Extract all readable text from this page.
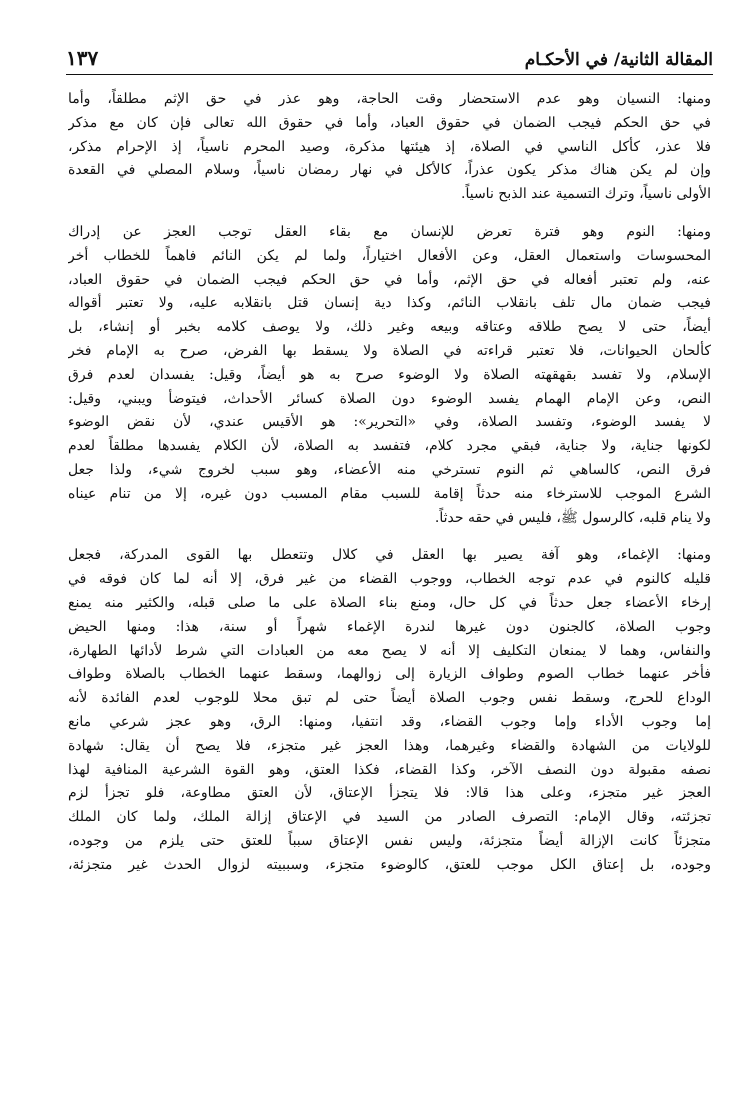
١٣٧	المقالة الثانية/ في الأحكـام
ومنها: النسيان وهو عدم الاستحضار وقت الحاجة، وهو عذر في حق الإثم مطلقاً، وأما
في حق الحكم فيجب الضمان في حقوق العباد، وأما في حقوق الله تعالى فإن كان مع مذكر
فلا عذر، كأكل الناسي في الصلاة، إذ هيئتها مذكرة، وصيد المحرم ناسياً، إذ الإحرام مذكر،
وإن لم يكن هناك مذكر يكون عذراً، كالأكل في نهار رمضان ناسياً، وسلام المصلي في القعدة
الأولى ناسياً، وترك التسمية عند الذبح ناسياً.
ومنها: النوم وهو فترة تعرض للإنسان مع بقاء العقل توجب العجز عن إدراك
المحسوسات واستعمال العقل، وعن الأفعال اختياراً، ولما لم يكن النائم فاهماً للخطاب أخر
عنه، ولم تعتبر أفعاله في حق الإثم، وأما في حق الحكم فيجب الضمان في حقوق العباد،
فيجب ضمان مال تلف بانقلاب النائم، وكذا دية إنسان قتل بانقلابه عليه، ولا تعتبر أقواله
أيضاً، حتى لا يصح طلاقه وعتاقه وبيعه وغير ذلك، ولا يوصف كلامه بخبر أو إنشاء، بل
كألحان الحيوانات، فلا تعتبر قراءته في الصلاة ولا يسقط بها الفرض، صرح به الإمام فخر
الإسلام، ولا تفسد بقهقهته الصلاة ولا الوضوء صرح به هو أيضاً، وقيل: يفسدان لعدم فرق
النص، وعن الإمام الهمام يفسد الوضوء دون الصلاة كسائر الأحداث، فيتوضأ ويبني، وقيل:
لا يفسد الوضوء، وتفسد الصلاة، وفي «التحرير»: هو الأقيس عندي، لأن نقض الوضوء
لكونها جناية، ولا جناية، فبقي مجرد كلام، فتفسد به الصلاة، لأن الكلام يفسدها مطلقاً لعدم
فرق النص، كالساهي ثم النوم تسترخي منه الأعضاء، وهو سبب لخروج شيء، ولذا جعل
الشرع الموجب للاسترخاء منه حدثاً إقامة للسبب مقام المسبب دون غيره، إلا من تنام عيناه
ولا ينام قلبه، كالرسول ﷺ، فليس في حقه حدثاً.
ومنها: الإغماء، وهو آفة يصير بها العقل في كلال وتتعطل بها القوى المدركة، فجعل
قليله كالنوم في عدم توجه الخطاب، ووجوب القضاء من غير فرق، إلا أنه لما كان فوقه في
إرخاء الأعضاء جعل حدثاً في كل حال، ومنع بناء الصلاة على ما صلى قبله، والكثير منه يمنع
وجوب الصلاة، كالجنون دون غيرها لندرة الإغماء شهراً أو سنة، هذا: ومنها الحيض
والنفاس، وهما لا يمنعان التكليف إلا أنه لا يصح معه من العبادات التي شرط لأدائها الطهارة،
فأخر عنهما خطاب الصوم وطواف الزيارة إلى زوالهما، وسقط عنهما الخطاب بالصلاة وطواف
الوداع للحرج، وسقط نفس وجوب الصلاة أيضاً حتى لم تبق محلا للوجوب لعدم الفائدة لأنه
إما وجوب الأداء وإما وجوب القضاء، وقد انتفيا، ومنها: الرق، وهو عجز شرعي مانع
للولايات من الشهادة والقضاء وغيرهما، وهذا العجز غير متجزء، فلا يصح أن يقال: شهادة
نصفه مقبولة دون النصف الآخر، وكذا القضاء، فكذا العتق، وهو القوة الشرعية المنافية لهذا
العجز غير متجزء، وعلى هذا قالا: فلا يتجزأ الإعتاق، لأن العتق مطاوعة، فلو تجزأ لزم
تجزئته، وقال الإمام: التصرف الصادر من السيد في الإعتاق إزالة الملك، ولما كان الملك
متجزئاً كانت الإزالة أيضاً متجزئة، وليس نفس الإعتاق سبباً للعتق حتى يلزم من وجوده،
وجوده، بل إعتاق الكل موجب للعتق، كالوضوء متجزء، وسببيته لزوال الحدث غير متجزئة،
